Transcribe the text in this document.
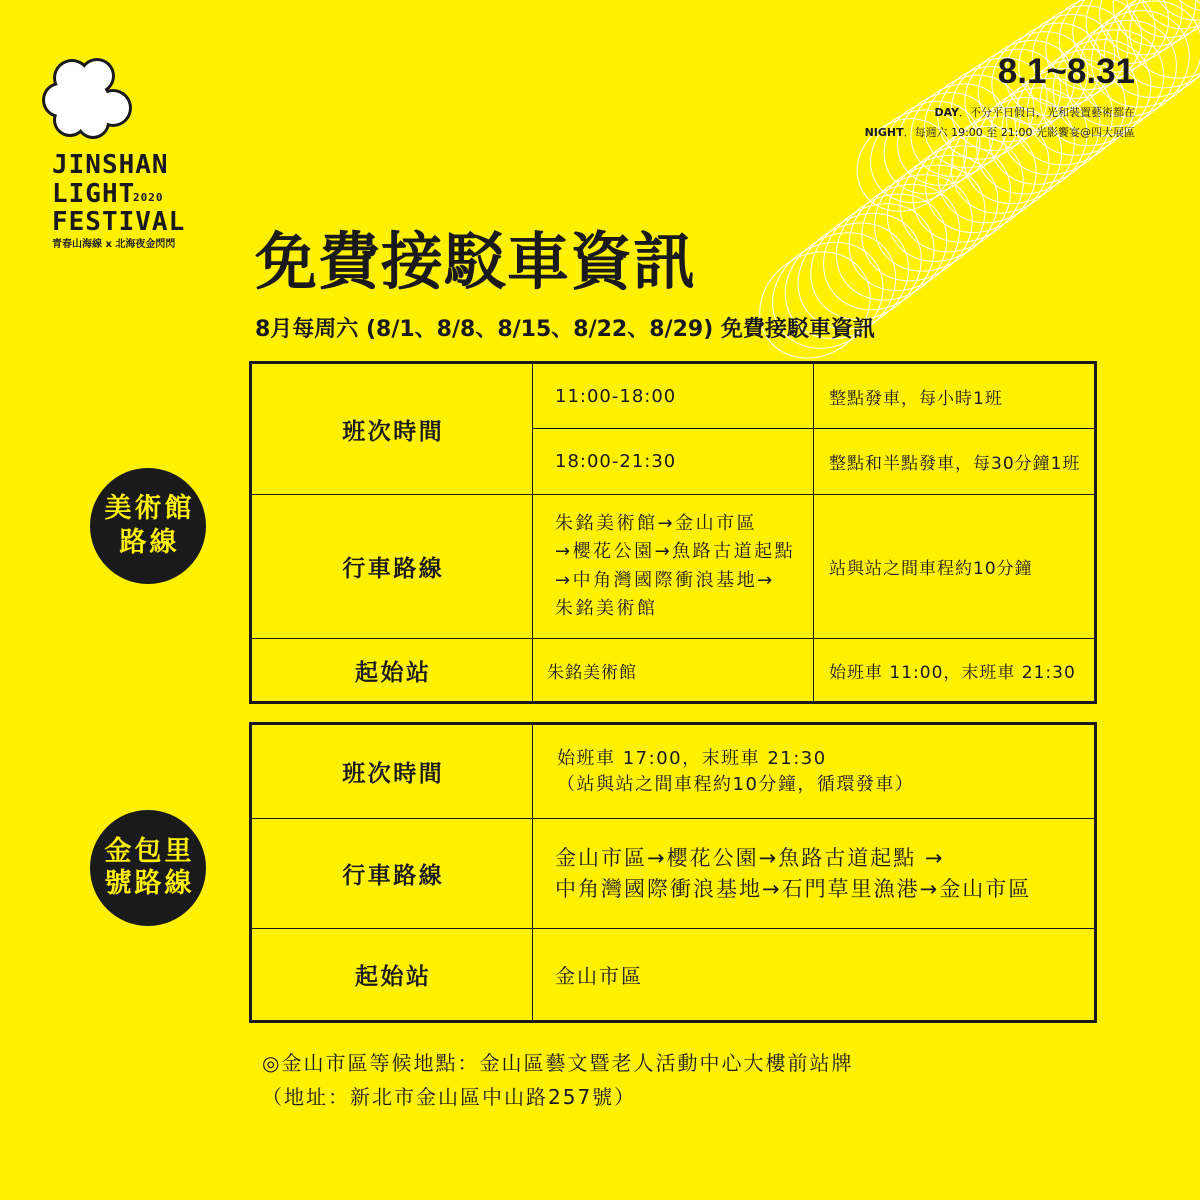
JINSHAN
LIGHT
2020
FESTIVAL
青春山海線 x 北海夜金閃閃
8.1~8.31
DAY．不分平日假日，光和裝置藝術都在
NIGHT．每週六 19:00 至 21:00 光影饗宴@四大展區
免費接駁車資訊
8月每周六 (8/1、8/8、8/15、8/22、8/29) 免費接駁車資訊
美術館
路線
班次時間	11:00-18:00	整點發車，每小時1班
	18:00-21:30	整點和半點發車，每30分鐘1班
行車路線	朱銘美術館→金山市區
→櫻花公園→魚路古道起點
→中角灣國際衝浪基地→
朱銘美術館	站與站之間車程約10分鐘
起始站	朱銘美術館	始班車 11:00，末班車 21:30
金包里
號路線
班次時間	始班車 17:00，末班車 21:30
（站與站之間車程約10分鐘，循環發車）
行車路線	金山市區→櫻花公園→魚路古道起點 →
中角灣國際衝浪基地→石門草里漁港→金山市區
起始站	金山市區
◎金山市區等候地點：金山區藝文暨老人活動中心大樓前站牌
（地址：新北市金山區中山路257號）
